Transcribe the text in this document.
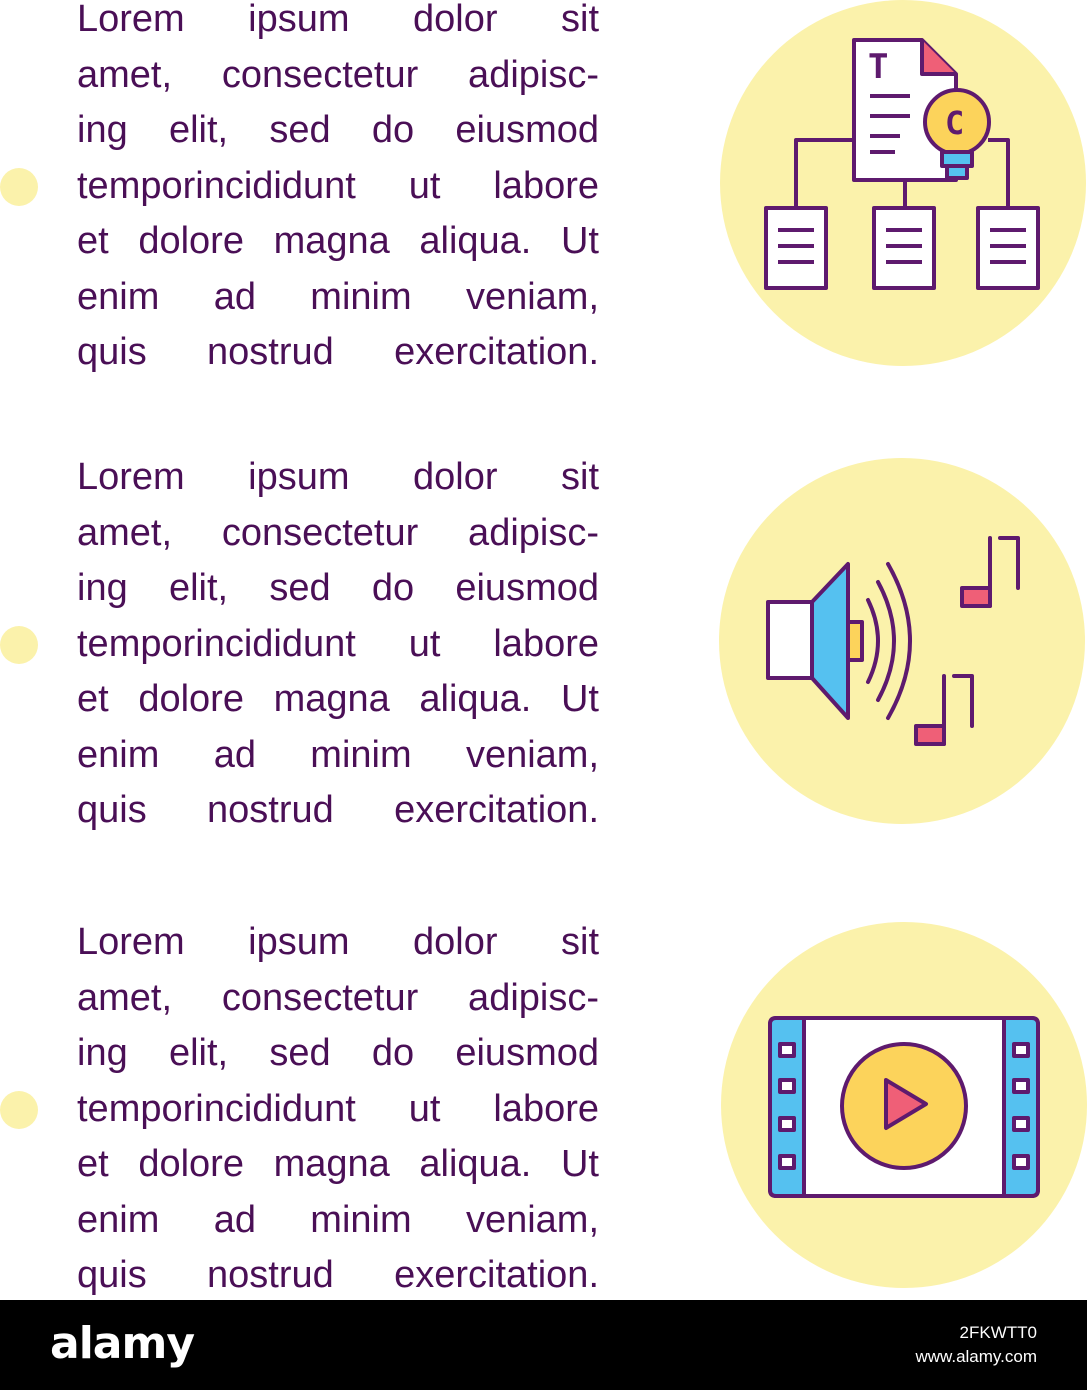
Lorem ipsum dolor sit
amet, consectetur adipisc-
ing elit, sed do eiusmod
temporincididunt ut labore
et dolore magna aliqua. Ut
enim ad minim veniam,
quis nostrud exercitation.

T
C

Lorem ipsum dolor sit
amet, consectetur adipisc-
ing elit, sed do eiusmod
temporincididunt ut labore
et dolore magna aliqua. Ut
enim ad minim veniam,
quis nostrud exercitation.

Lorem ipsum dolor sit
amet, consectetur adipisc-
ing elit, sed do eiusmod
temporincididunt ut labore
et dolore magna aliqua. Ut
enim ad minim veniam,
quis nostrud exercitation.

alamy	2FKWTT0
www.alamy.com
